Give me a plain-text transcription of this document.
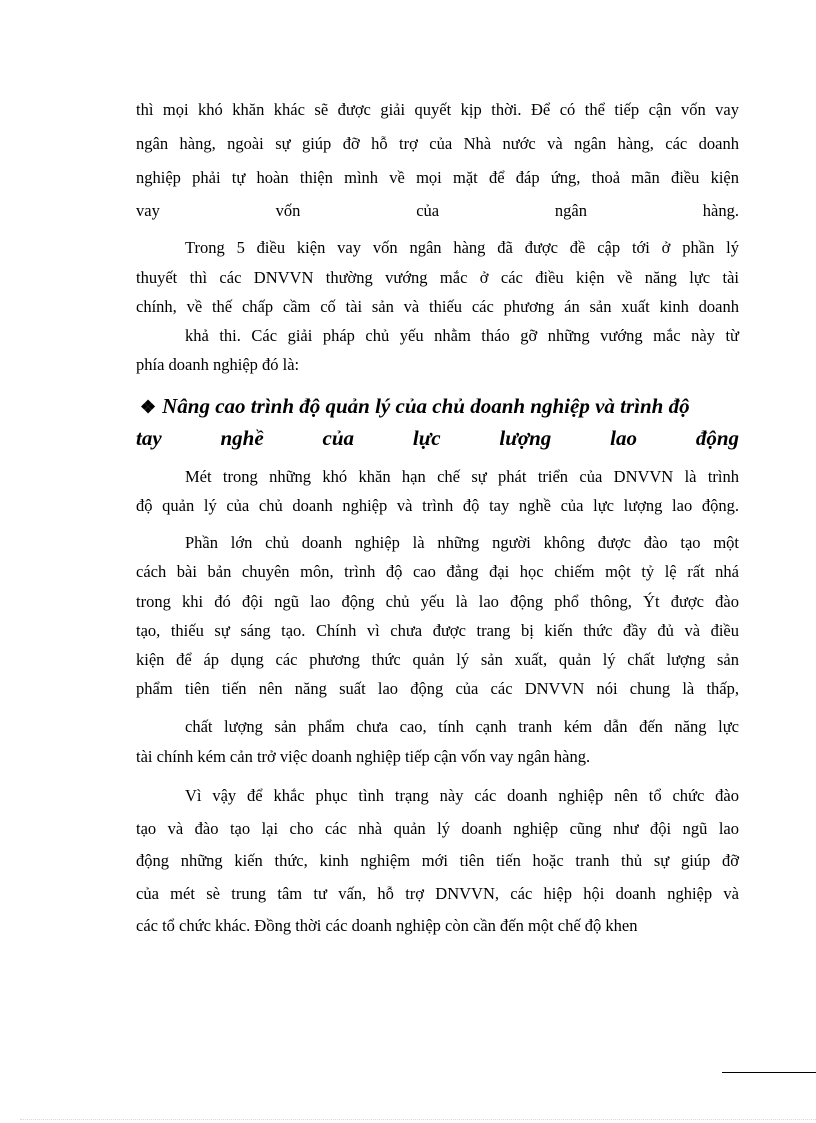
thì mọi khó khăn khác sẽ được giải quyết kịp thời. Để có thể tiếp cận vốn vay
ngân hàng, ngoài sự giúp đỡ hỗ trợ của Nhà nước và ngân hàng, các doanh
nghiệp phải tự hoàn thiện mình về mọi mặt để đáp ứng, thoả mãn điều kiện
vay vốn của ngân hàng.
Trong 5 điều kiện vay vốn ngân hàng đã được đề cập tới ở phần lý
thuyết thì các DNVVN thường vướng mắc ở các điều kiện về năng lực tài
chính, về thế chấp cầm cố tài sản và thiếu các phương án sản xuất kinh doanh
khả thi. Các giải pháp chủ yếu nhằm tháo gỡ những vướng mắc này từ
phía doanh nghiệp đó là:
❖ Nâng cao trình độ quản lý của chủ doanh nghiệp và trình độ
tay nghề của lực lượng lao động
Mét trong những khó khăn hạn chế sự phát triển của DNVVN là trình
độ quản lý của chủ doanh nghiệp và trình độ tay nghề của lực lượng lao động.
Phần lớn chủ doanh nghiệp là những người không được đào tạo một
cách bài bản chuyên môn, trình độ cao đẳng đại học chiếm một tỷ lệ rất nhá
trong khi đó đội ngũ lao động chủ yếu là lao động phổ thông, Ýt được đào
tạo, thiếu sự sáng tạo. Chính vì chưa được trang bị kiến thức đầy đủ và điều
kiện để áp dụng các phương thức quản lý sản xuất, quản lý chất lượng sản
phẩm tiên tiến nên năng suất lao động của các DNVVN nói chung là thấp,
chất lượng sản phẩm chưa cao, tính cạnh tranh kém dẫn đến năng lực
tài chính kém cản trở việc doanh nghiệp tiếp cận vốn vay ngân hàng.
Vì vậy để khắc phục tình trạng này các doanh nghiệp nên tổ chức đào
tạo và đào tạo lại cho các nhà quản lý doanh nghiệp cũng như đội ngũ lao
động những kiến thức, kinh nghiệm mới tiên tiến hoặc tranh thủ sự giúp đỡ
của mét sè trung tâm tư vấn, hỗ trợ DNVVN, các hiệp hội doanh nghiệp và
các tổ chức khác. Đồng thời các doanh nghiệp còn cần đến một chế độ khen
